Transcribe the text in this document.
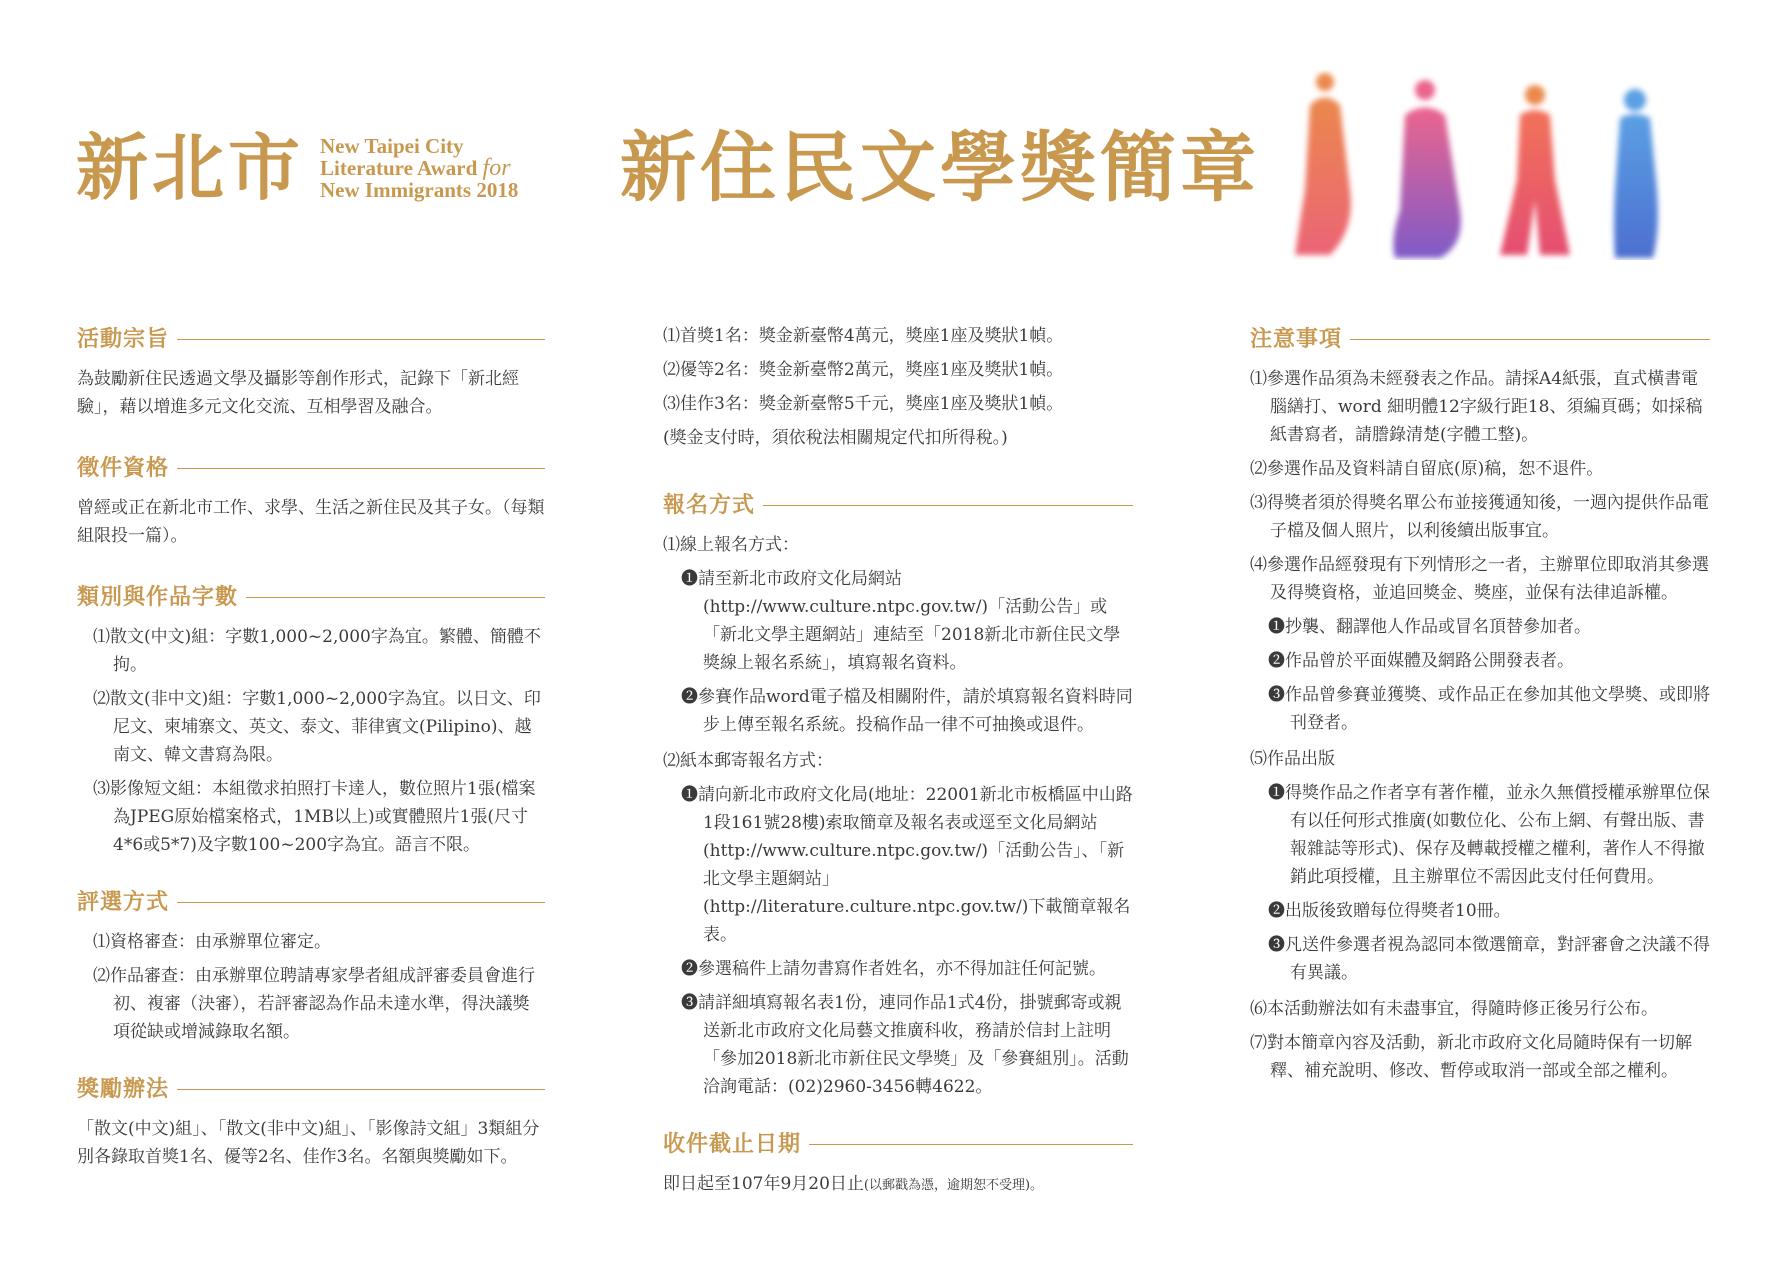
新北市 New Taipei City
Literature Award for
New Immigrants 2018 新住民文學獎簡章
活動宗旨

為鼓勵新住民透過文學及攝影等創作形式，記錄下「新北經驗」，藉以增進多元文化交流、互相學習及融合。

徵件資格

曾經或正在新北市工作、求學、生活之新住民及其子女。（每類組限投一篇）。

類別與作品字數
⑴散文(中文)組：字數1,000~2,000字為宜。繁體、簡體不拘。
⑵散文(非中文)組：字數1,000~2,000字為宜。以日文、印尼文、柬埔寨文、英文、泰文、菲律賓文(Pilipino)、越南文、韓文書寫為限。
⑶影像短文組：本組徵求拍照打卡達人，數位照片1張(檔案為JPEG原始檔案格式，1MB以上)或實體照片1張(尺寸4*6或5*7)及字數100~200字為宜。語言不限。
評選方式
⑴資格審查：由承辦單位審定。
⑵作品審查：由承辦單位聘請專家學者組成評審委員會進行初、複審（決審），若評審認為作品未達水準，得決議獎項從缺或增減錄取名額。
獎勵辦法

「散文(中文)組」、「散文(非中文)組」、「影像詩文組」3類組分別各錄取首獎1名、優等2名、佳作3名。名額與獎勵如下。

⑴首獎1名：獎金新臺幣4萬元，獎座1座及獎狀1幀。
⑵優等2名：獎金新臺幣2萬元，獎座1座及獎狀1幀。
⑶佳作3名：獎金新臺幣5千元，獎座1座及獎狀1幀。
(獎金支付時，須依稅法相關規定代扣所得稅。)
報名方式
⑴線上報名方式：
❶請至新北市政府文化局網站(http://www.culture.ntpc.gov.tw/)「活動公告」或「新北文學主題網站」連結至「2018新北市新住民文學獎線上報名系統」，填寫報名資料。
❷參賽作品word電子檔及相關附件，請於填寫報名資料時同步上傳至報名系統。投稿作品一律不可抽換或退件。
⑵紙本郵寄報名方式：
❶請向新北市政府文化局(地址：22001新北市板橋區中山路1段161號28樓)索取簡章及報名表或逕至文化局網站(http://www.culture.ntpc.gov.tw/)「活動公告」、「新北文學主題網站」(http://literature.culture.ntpc.gov.tw/)下載簡章報名表。
❷參選稿件上請勿書寫作者姓名，亦不得加註任何記號。
❸請詳細填寫報名表1份，連同作品1式4份，掛號郵寄或親送新北市政府文化局藝文推廣科收，務請於信封上註明「參加2018新北市新住民文學獎」及「參賽組別」。活動洽詢電話：(02)2960-3456轉4622。
收件截止日期

即日起至107年9月20日止(以郵戳為憑，逾期恕不受理)。

注意事項
⑴參選作品須為未經發表之作品。請採A4紙張，直式橫書電腦繕打、word 細明體12字級行距18、須編頁碼；如採稿紙書寫者，請謄錄清楚(字體工整)。
⑵參選作品及資料請自留底(原)稿，恕不退件。
⑶得獎者須於得獎名單公布並接獲通知後，一週內提供作品電子檔及個人照片，以利後續出版事宜。
⑷參選作品經發現有下列情形之一者，主辦單位即取消其參選及得獎資格，並追回獎金、獎座，並保有法律追訴權。
❶抄襲、翻譯他人作品或冒名頂替參加者。
❷作品曾於平面媒體及網路公開發表者。
❸作品曾參賽並獲獎、或作品正在參加其他文學獎、或即將刊登者。
⑸作品出版
❶得獎作品之作者享有著作權，並永久無償授權承辦單位保有以任何形式推廣(如數位化、公布上網、有聲出版、書報雜誌等形式)、保存及轉載授權之權利，著作人不得撤銷此項授權，且主辦單位不需因此支付任何費用。
❷出版後致贈每位得獎者10冊。
❸凡送件參選者視為認同本徵選簡章，對評審會之決議不得有異議。
⑹本活動辦法如有未盡事宜，得隨時修正後另行公布。
⑺對本簡章內容及活動，新北市政府文化局隨時保有一切解釋、補充說明、修改、暫停或取消一部或全部之權利。
